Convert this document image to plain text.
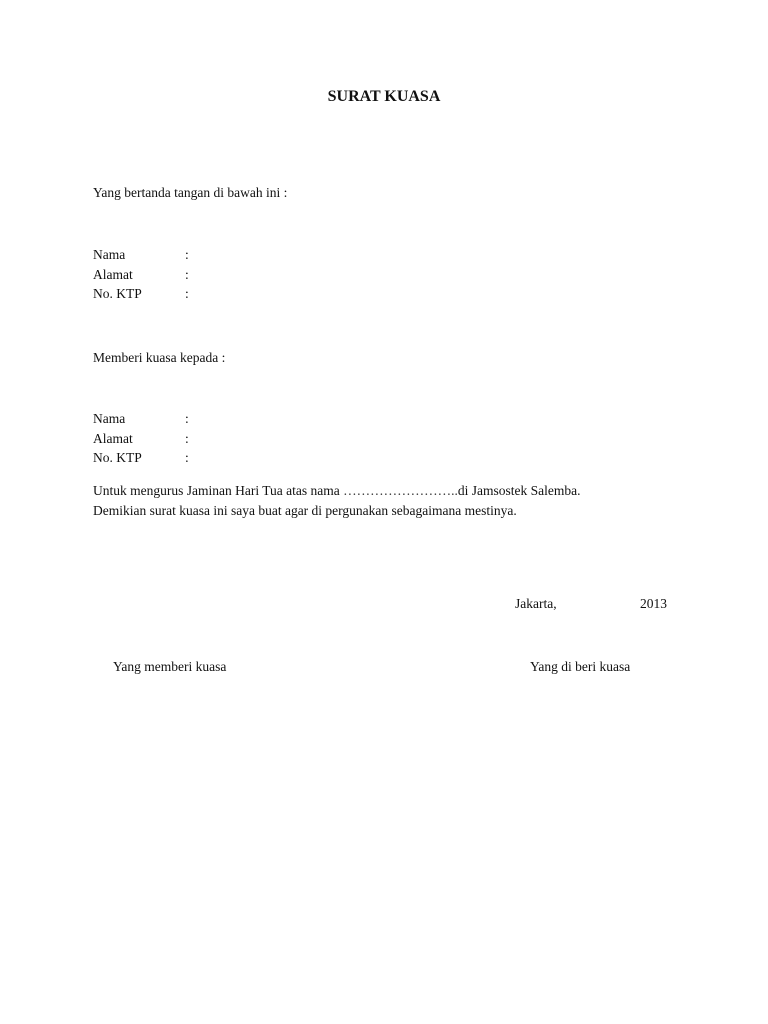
SURAT KUASA
Yang bertanda tangan di bawah ini :
Nama	:
Alamat	:
No. KTP	:
Memberi kuasa kepada :
Nama	:
Alamat	:
No. KTP	:
Untuk mengurus Jaminan Hari Tua atas nama ……………………..di Jamsostek Salemba.
Demikian surat kuasa ini saya buat agar di pergunakan sebagaimana mestinya.
Jakarta,	2013
Yang memberi kuasa	Yang di beri kuasa
